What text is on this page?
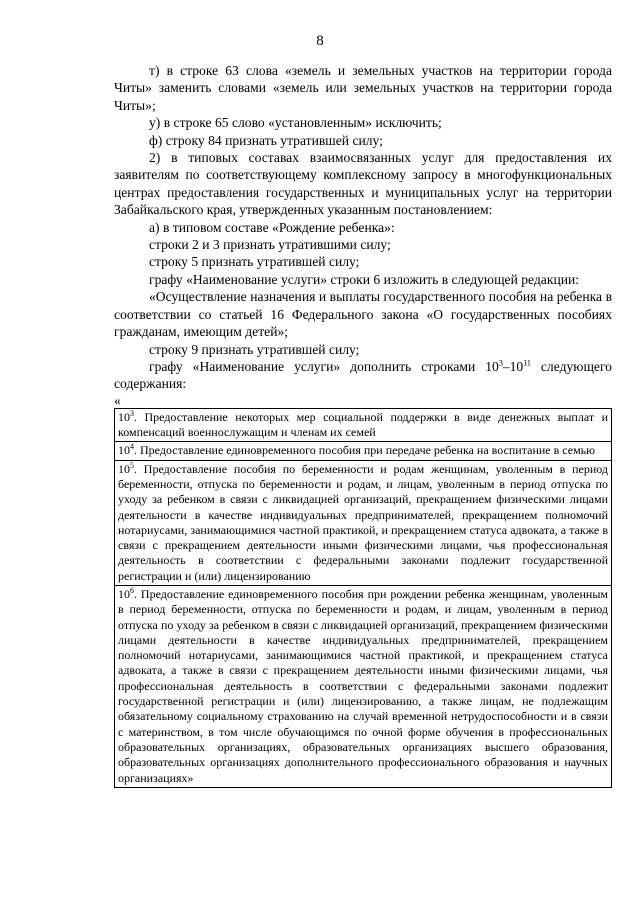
8

т) в строке 63 слова «земель и земельных участков на территории города Читы» заменить словами «земель или земельных участков на территории города Читы»;

у) в строке 65 слово «установленным» исключить;

ф) строку 84 признать утратившей силу;

2) в типовых составах взаимосвязанных услуг для предоставления их заявителям по соответствующему комплексному запросу в многофункциональных центрах предоставления государственных и муниципальных услуг на территории Забайкальского края, утвержденных указанным постановлением:

а) в типовом составе «Рождение ребенка»:

строки 2 и 3 признать утратившими силу;

строку 5 признать утратившей силу;

графу «Наименование услуги» строки 6 изложить в следующей редакции:

«Осуществление назначения и выплаты государственного пособия на ребенка в соответствии со статьей 16 Федерального закона «О государственных пособиях гражданам, имеющим детей»;

строку 9 признать утратившей силу;

графу «Наименование услуги» дополнить строками $10^3-10^{11}$ следующего содержания:

«
$10^3$. Предоставление некоторых мер социальной поддержки в виде денежных выплат и компенсаций военнослужащим и членам их семей
$10^4$. Предоставление единовременного пособия при передаче ребенка на воспитание в семью
$10^5$. Предоставление пособия по беременности и родам женщинам, уволенным в период беременности, отпуска по беременности и родам, и лицам, уволенным в период отпуска по уходу за ребенком в связи с ликвидацией организаций, прекращением физическими лицами деятельности в качестве индивидуальных предпринимателей, прекращением полномочий нотариусами, занимающимися частной практикой, и прекращением статуса адвоката, а также в связи с прекращением деятельности иными физическими лицами, чья профессиональная деятельность в соответствии с федеральными законами подлежит государственной регистрации и (или) лицензированию
$10^6$. Предоставление единовременного пособия при рождении ребенка женщинам, уволенным в период беременности, отпуска по беременности и родам, и лицам, уволенным в период отпуска по уходу за ребенком в связи с ликвидацией организаций, прекращением физическими лицами деятельности в качестве индивидуальных предпринимателей, прекращением полномочий нотариусами, занимающимися частной практикой, и прекращением статуса адвоката, а также в связи с прекращением деятельности иными физическими лицами, чья профессиональная деятельность в соответствии с федеральными законами подлежит государственной регистрации и (или) лицензированию, а также лицам, не подлежащим обязательному социальному страхованию на случай временной нетрудоспособности и в связи с материнством, в том числе обучающимся по очной форме обучения в профессиональных образовательных организациях, образовательных организациях высшего образования, образовательных организациях дополнительного профессионального образования и научных организациях»
